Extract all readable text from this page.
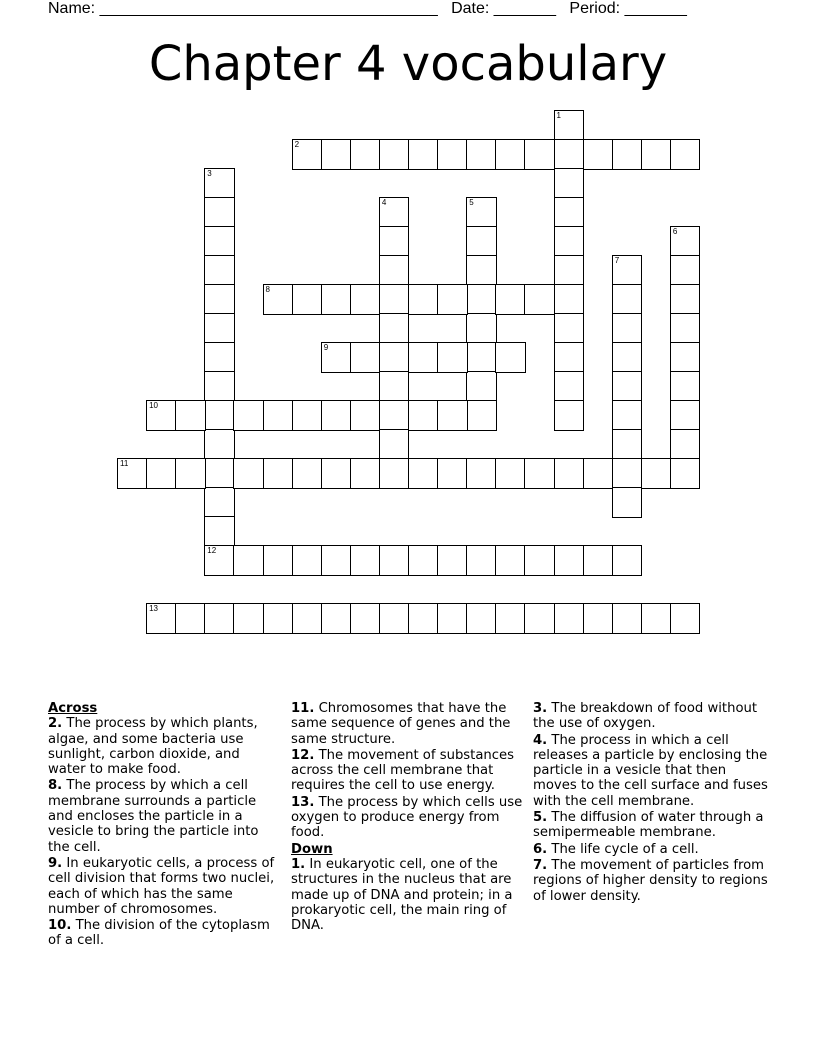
Name: ______________________________________ Date: _______ Period: _______
Chapter 4 vocabulary
1
2
3
4	5
6
7
8
9
10
11
12
13
Across
2. The process by which plants, algae, and some bacteria use sunlight, carbon dioxide, and water to make food.
8. The process by which a cell membrane surrounds a particle and encloses the particle in a vesicle to bring the particle into the cell.
9. In eukaryotic cells, a process of cell division that forms two nuclei, each of which has the same number of chromosomes.
10. The division of the cytoplasm of a cell.
11. Chromosomes that have the same sequence of genes and the same structure.
12. The movement of substances across the cell membrane that requires the cell to use energy.
13. The process by which cells use oxygen to produce energy from food.
Down
1. In eukaryotic cell, one of the structures in the nucleus that are made up of DNA and protein; in a prokaryotic cell, the main ring of DNA.
3. The breakdown of food without the use of oxygen.
4. The process in which a cell releases a particle by enclosing the particle in a vesicle that then moves to the cell surface and fuses with the cell membrane.
5. The diffusion of water through a semipermeable membrane.
6. The life cycle of a cell.
7. The movement of particles from regions of higher density to regions of lower density.
